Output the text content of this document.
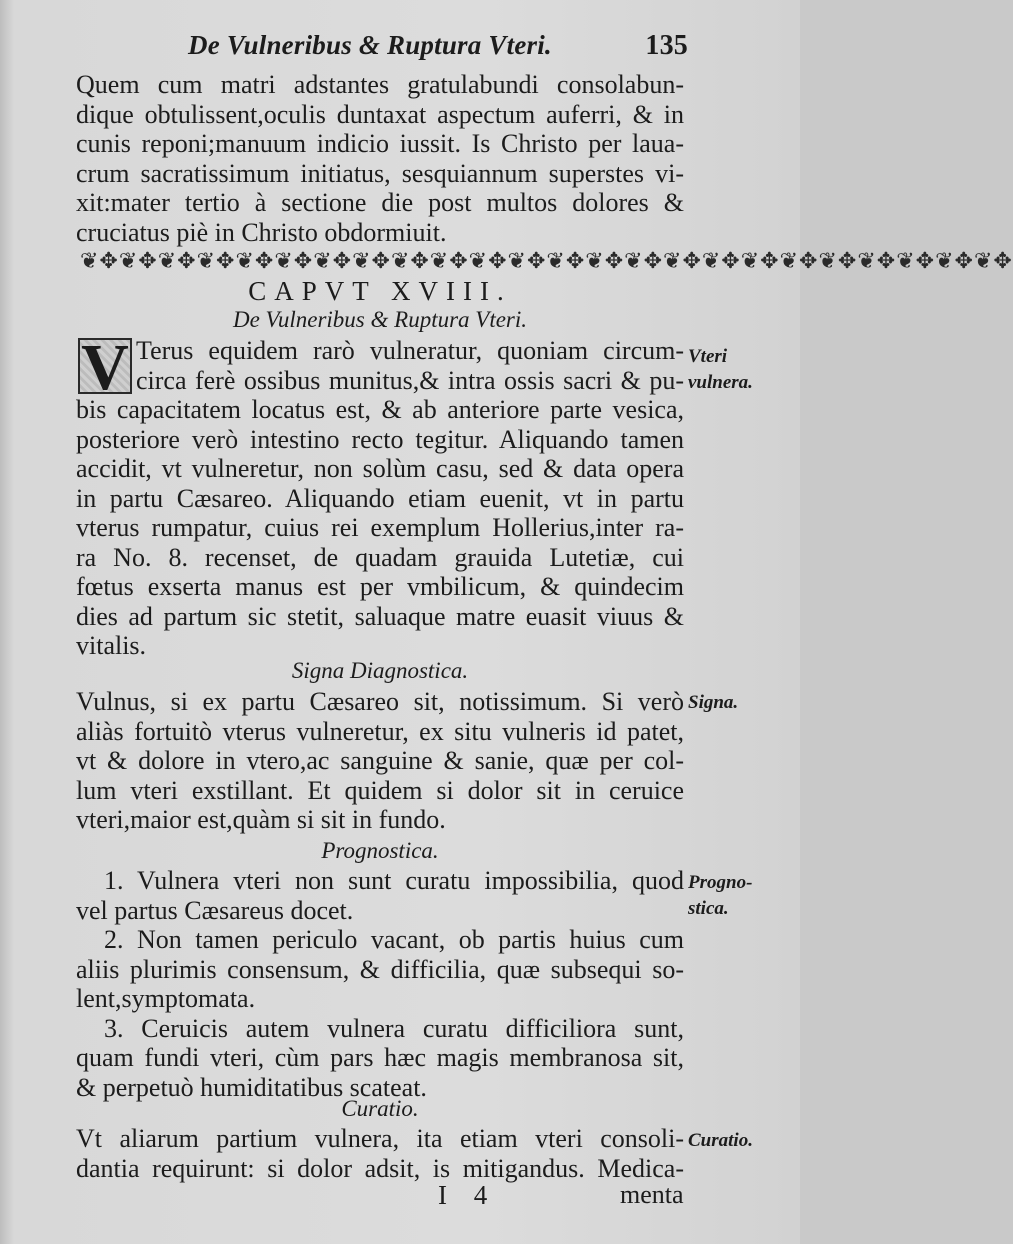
De Vulneribus & Ruptura Vteri.	135
Quem cum matri adstantes gratulabundi consolabun-
dique obtulissent,oculis duntaxat aspectum auferri, & in
cunis reponi;manuum indicio iussit. Is Christo per laua-
crum sacratissimum initiatus, sesquiannum superstes vi-
xit:mater tertio à sectione die post multos dolores &
cruciatus piè in Christo obdormiuit.
❦✥❦✥❦✥❦✥❦✥❦✥❦✥❦✥❦✥❦✥❦✥❦✥❦✥❦✥❦✥❦✥❦✥❦✥❦✥❦✥❦✥❦✥❦✥❦✥
CAPVT XVIII.
De Vulneribus & Ruptura Vteri.
V Terus equidem rarò vulneratur, quoniam circum-
circa ferè ossibus munitus,& intra ossis sacri & pu-
bis capacitatem locatus est, & ab anteriore parte vesica,
posteriore verò intestino recto tegitur. Aliquando tamen
accidit, vt vulneretur, non solùm casu, sed & data opera
in partu Cæsareo. Aliquando etiam euenit, vt in partu
vterus rumpatur, cuius rei exemplum Hollerius,inter ra-
ra No. 8. recenset, de quadam grauida Lutetiæ, cui
fœtus exserta manus est per vmbilicum, & quindecim
dies ad partum sic stetit, saluaque matre euasit viuus &
vitalis.
Signa Diagnostica.
Vulnus, si ex partu Cæsareo sit, notissimum. Si verò
aliàs fortuitò vterus vulneretur, ex situ vulneris id patet,
vt & dolore in vtero,ac sanguine & sanie, quæ per col-
lum vteri exstillant. Et quidem si dolor sit in ceruice
vteri,maior est,quàm si sit in fundo.
Prognostica.
1. Vulnera vteri non sunt curatu impossibilia, quod
vel partus Cæsareus docet.
2. Non tamen periculo vacant, ob partis huius cum
aliis plurimis consensum, & difficilia, quæ subsequi so-
lent,symptomata.
3. Ceruicis autem vulnera curatu difficiliora sunt,
quam fundi vteri, cùm pars hæc magis membranosa sit,
& perpetuò humiditatibus scateat.
Curatio.
Vt aliarum partium vulnera, ita etiam vteri consoli-
dantia requirunt: si dolor adsit, is mitigandus. Medica-
Vteri
vulnera.
Signa.
Progno-
stica.
Curatio.
I 4	menta
